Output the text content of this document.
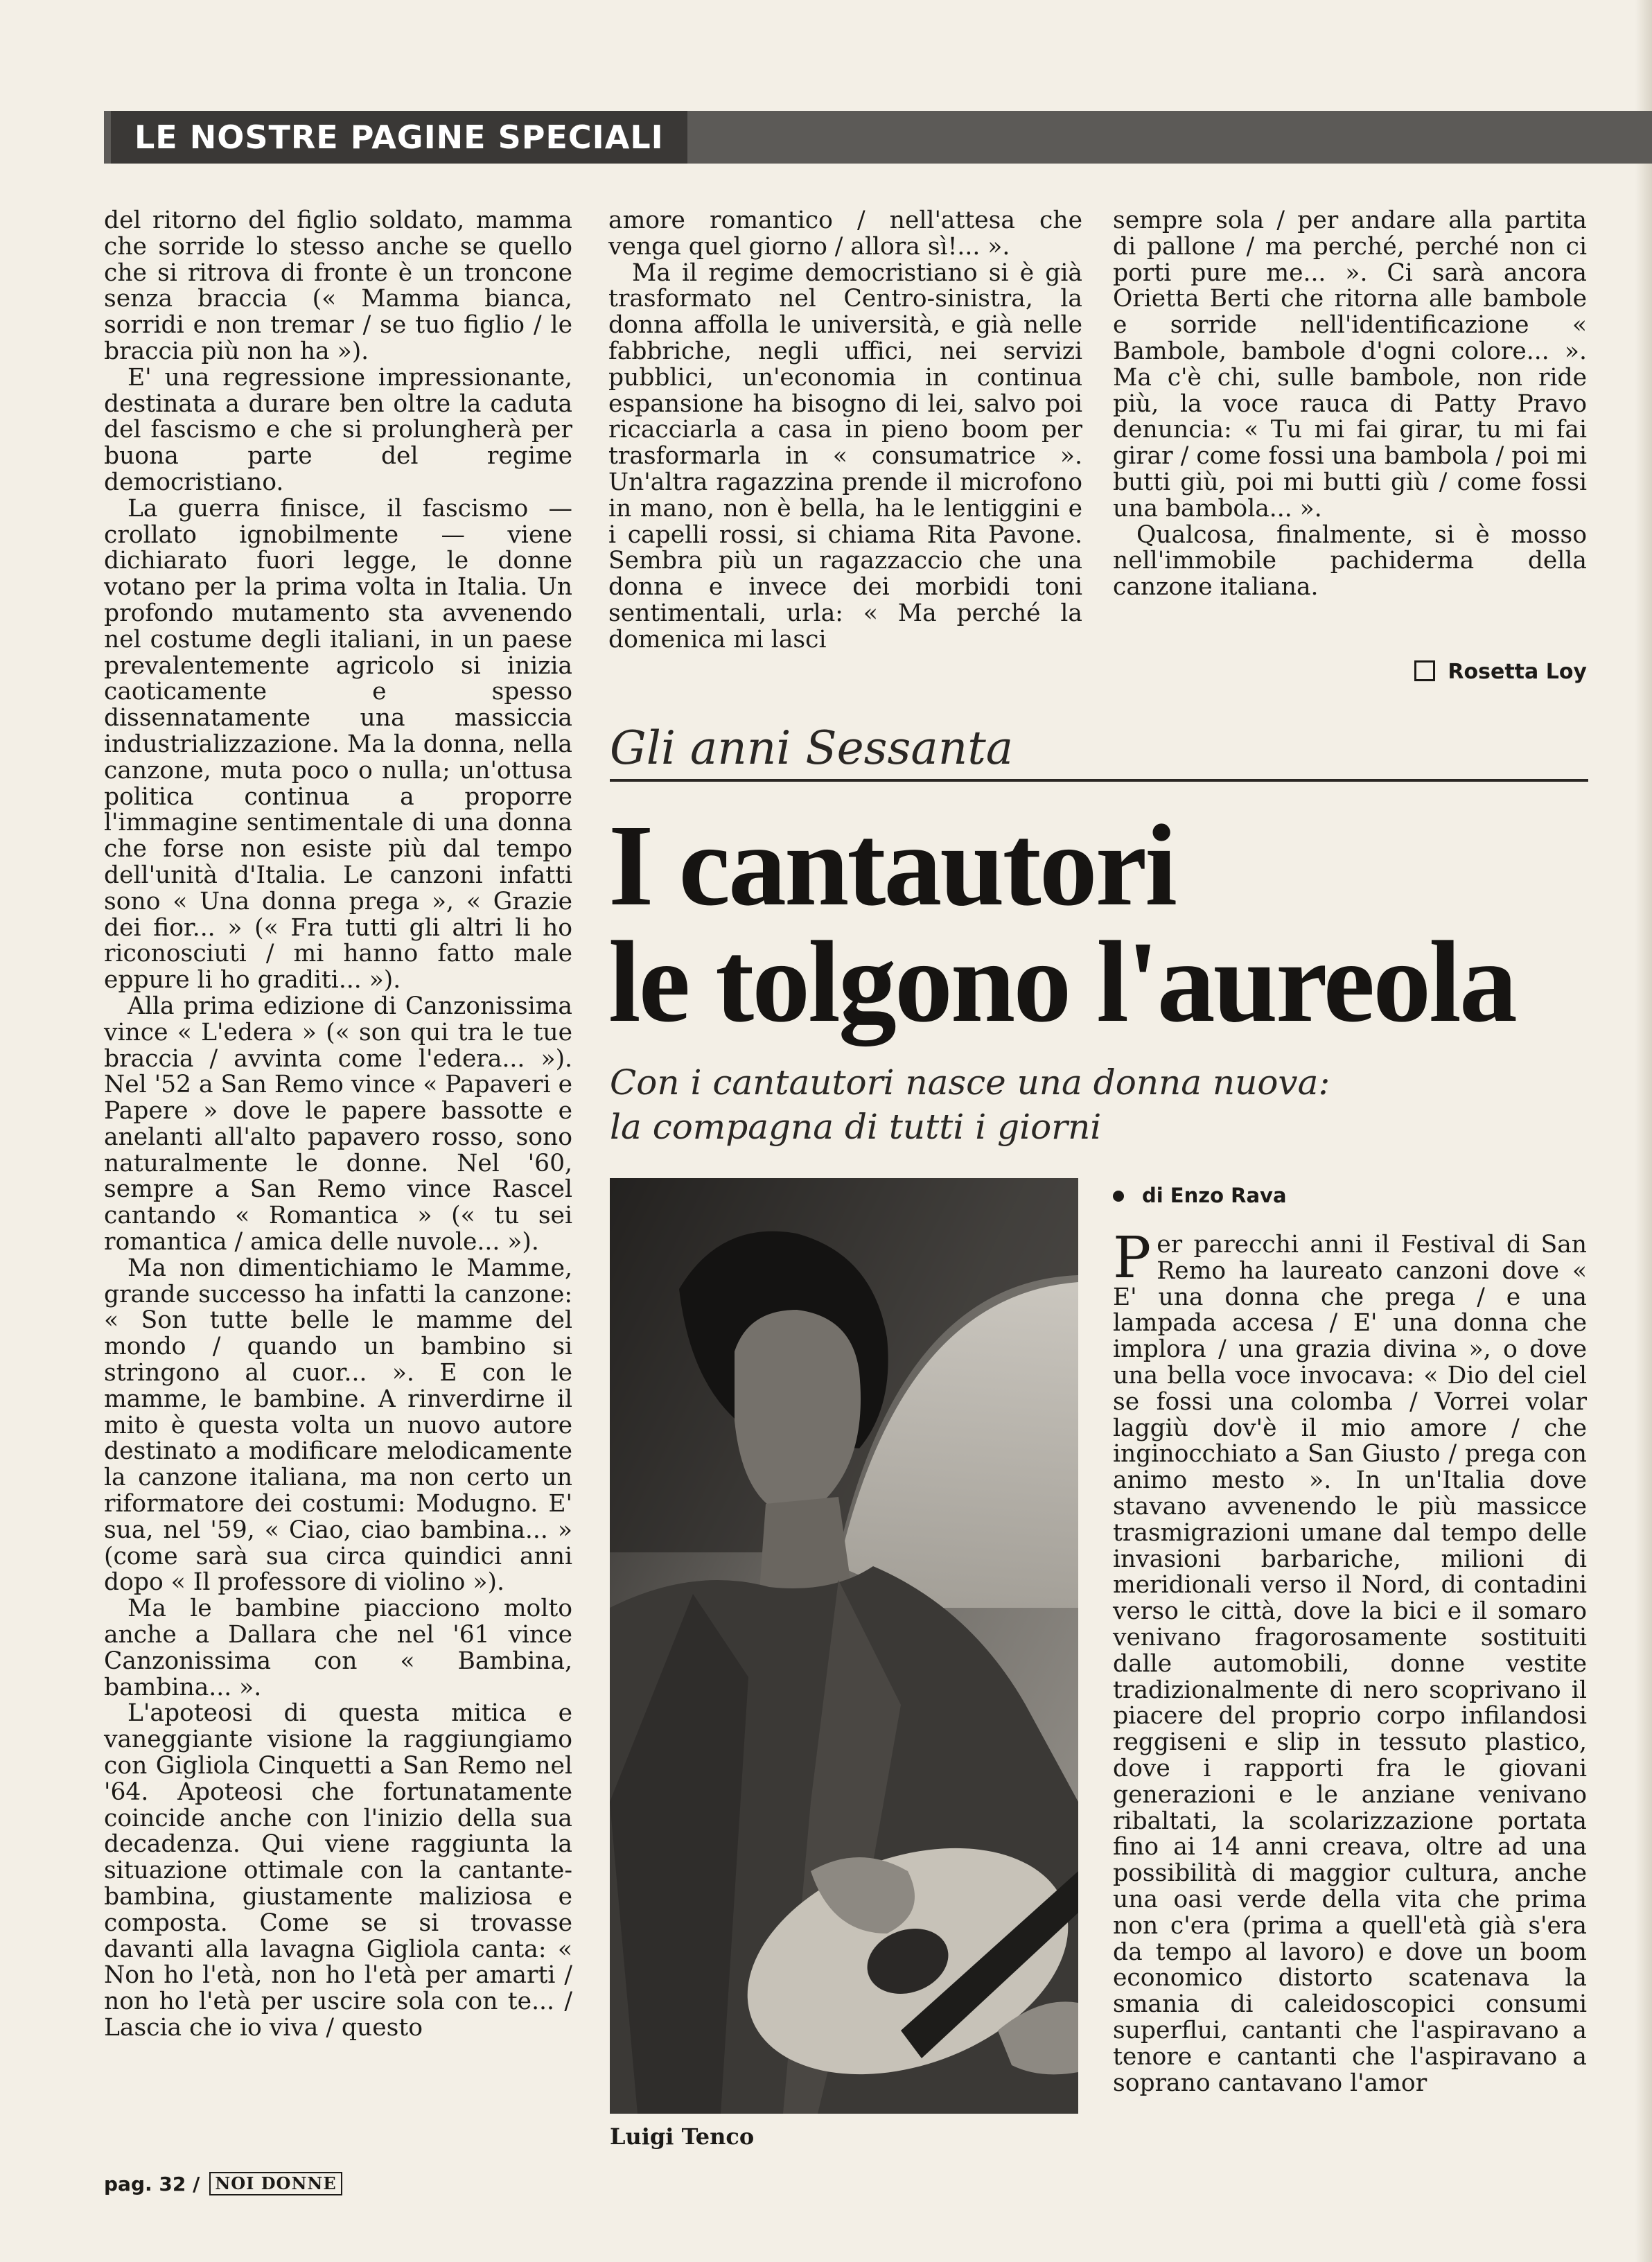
LE NOSTRE PAGINE SPECIALI

del ritorno del figlio soldato, mamma che sorride lo stesso anche se quello che si ritrova di fronte è un troncone senza braccia (« Mamma bianca, sorridi e non tremar / se tuo figlio / le braccia più non ha »).

E' una regressione impressionante, destinata a durare ben oltre la caduta del fascismo e che si prolungherà per buona parte del regime democristiano.

La guerra finisce, il fascismo — crollato ignobilmente — viene dichiarato fuori legge, le donne votano per la prima volta in Italia. Un profondo mutamento sta avvenendo nel costume degli italiani, in un paese prevalentemente agricolo si inizia caoticamente e spesso dissennatamente una massiccia industrializzazione. Ma la donna, nella canzone, muta poco o nulla; un'ottusa politica continua a proporre l'immagine sentimentale di una donna che forse non esiste più dal tempo dell'unità d'Italia. Le canzoni infatti sono « Una donna prega », « Grazie dei fior... » (« Fra tutti gli altri li ho riconosciuti / mi hanno fatto male eppure li ho graditi... »).

Alla prima edizione di Canzonissima vince « L'edera » (« son qui tra le tue braccia / avvinta come l'edera... »). Nel '52 a San Remo vince « Papaveri e Papere » dove le papere bassotte e anelanti all'alto papavero rosso, sono naturalmente le donne. Nel '60, sempre a San Remo vince Rascel cantando « Romantica » (« tu sei romantica / amica delle nuvole... »).

Ma non dimentichiamo le Mamme, grande successo ha infatti la canzone: « Son tutte belle le mamme del mondo / quando un bambino si stringono al cuor... ». E con le mamme, le bambine. A rinverdirne il mito è questa volta un nuovo autore destinato a modificare melodicamente la canzone italiana, ma non certo un riformatore dei costumi: Modugno. E' sua, nel '59, « Ciao, ciao bambina... » (come sarà sua circa quindici anni dopo « Il professore di violino »).

Ma le bambine piacciono molto anche a Dallara che nel '61 vince Canzonissima con « Bambina, bambina... ».

L'apoteosi di questa mitica e vaneggiante visione la raggiungiamo con Gigliola Cinquetti a San Remo nel '64. Apoteosi che fortunatamente coincide anche con l'inizio della sua decadenza. Qui viene raggiunta la situazione ottimale con la cantante-bambina, giustamente maliziosa e composta. Come se si trovasse davanti alla lavagna Gigliola canta: « Non ho l'età, non ho l'età per amarti / non ho l'età per uscire sola con te... / Lascia che io viva / questo

amore romantico / nell'attesa che venga quel giorno / allora sì!... ».

Ma il regime democristiano si è già trasformato nel Centro-sinistra, la donna affolla le università, e già nelle fabbriche, negli uffici, nei servizi pubblici, un'economia in continua espansione ha bisogno di lei, salvo poi ricacciarla a casa in pieno boom per trasformarla in « consumatrice ». Un'altra ragazzina prende il microfono in mano, non è bella, ha le lentiggini e i capelli rossi, si chiama Rita Pavone. Sembra più un ragazzaccio che una donna e invece dei morbidi toni sentimentali, urla: « Ma perché la domenica mi lasci

sempre sola / per andare alla partita di pallone / ma perché, perché non ci porti pure me... ». Ci sarà ancora Orietta Berti che ritorna alle bambole e sorride nell'identificazione « Bambole, bambole d'ogni colore... ». Ma c'è chi, sulle bambole, non ride più, la voce rauca di Patty Pravo denuncia: « Tu mi fai girar, tu mi fai girar / come fossi una bambola / poi mi butti giù, poi mi butti giù / come fossi una bambola... ».

Qualcosa, finalmente, si è mosso nell'immobile pachiderma della canzone italiana.

Rosetta Loy
Gli anni Sessanta
I cantautori
le tolgono l'aureola
Con i cantautori nasce una donna nuova:
la compagna di tutti i giorni
Luigi Tenco
di Enzo Rava

Per parecchi anni il Festival di San Remo ha laureato canzoni dove « E' una donna che prega / e una lampada accesa / E' una donna che implora / una grazia divina », o dove una bella voce invocava: « Dio del ciel se fossi una colomba / Vorrei volar laggiù dov'è il mio amore / che inginocchiato a San Giusto / prega con animo mesto ». In un'Italia dove stavano avvenendo le più massicce trasmigrazioni umane dal tempo delle invasioni barbariche, milioni di meridionali verso il Nord, di contadini verso le città, dove la bici e il somaro venivano fragorosamente sostituiti dalle automobili, donne vestite tradizionalmente di nero scoprivano il piacere del proprio corpo infilandosi reggiseni e slip in tessuto plastico, dove i rapporti fra le giovani generazioni e le anziane venivano ribaltati, la scolarizzazione portata fino ai 14 anni creava, oltre ad una possibilità di maggior cultura, anche una oasi verde della vita che prima non c'era (prima a quell'età già s'era da tempo al lavoro) e dove un boom economico distorto scatenava la smania di caleidoscopici consumi superflui, cantanti che l'aspiravano a tenore e cantanti che l'aspiravano a soprano cantavano l'amor

pag. 32 / NOI DONNE
